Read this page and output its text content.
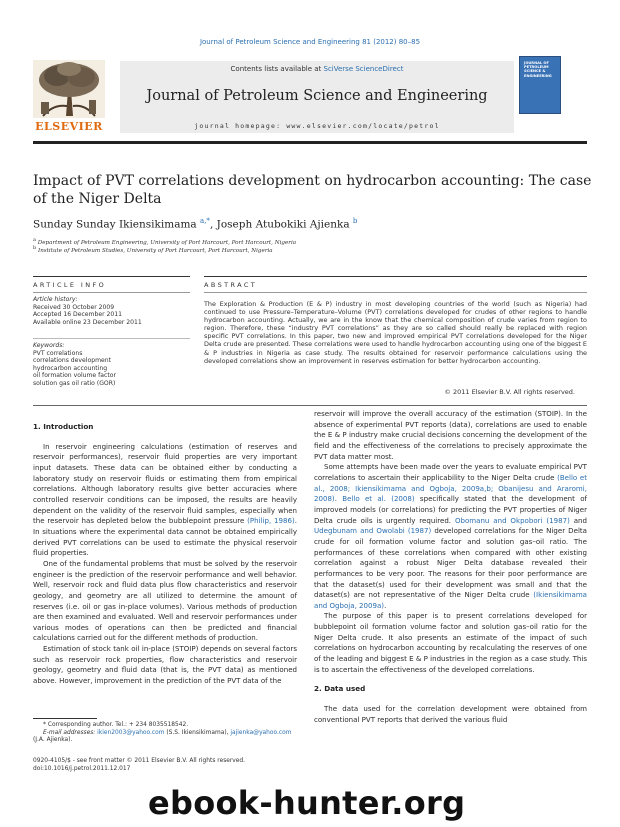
Journal of Petroleum Science and Engineering 81 (2012) 80–85
ELSEVIER
Contents lists available at SciVerse ScienceDirect
Journal of Petroleum Science and Engineering
journal homepage: www.elsevier.com/locate/petrol
JOURNAL OF PETROLEUM SCIENCE & ENGINEERING
Impact of PVT correlations development on hydrocarbon accounting: The case of the Niger Delta
Sunday Sunday Ikiensikimama $^{a,*}$, Joseph Atubokiki Ajienka $^b$
$^a$ Department of Petroleum Engineering, University of Port Harcourt, Port Harcourt, Nigeria
$^b$ Institute of Petroleum Studies, University of Port Harcourt, Port Harcourt, Nigeria
ARTICLE INFO	ABSTRACT
Article history:
Received 30 October 2009
Accepted 16 December 2011
Available online 23 December 2011
Keywords:
PVT correlations
correlations development
hydrocarbon accounting
oil formation volume factor
solution gas oil ratio (GOR)
The Exploration & Production (E & P) industry in most developing countries of the world (such as Nigeria) had continued to use Pressure–Temperature–Volume (PVT) correlations developed for crudes of other regions to handle hydrocarbon accounting. Actually, we are in the know that the chemical composition of crude varies from region to region. Therefore, these “industry PVT correlations” as they are so called should really be replaced with region specific PVT correlations. In this paper, two new and improved empirical PVT correlations developed for the Niger Delta crude are presented. These correlations were used to handle hydrocarbon accounting using one of the biggest E & P industries in Nigeria as case study. The results obtained for reservoir performance calculations using the developed correlations show an improvement in reserves estimation for better hydrocarbon accounting.
© 2011 Elsevier B.V. All rights reserved.
1. Introduction

In reservoir engineering calculations (estimation of reserves and reservoir performances), reservoir fluid properties are very important input datasets. These data can be obtained either by conducting a laboratory study on reservoir fluids or estimating them from empirical correlations. Although laboratory results give better accuracies where controlled reservoir conditions can be imposed, the results are heavily dependent on the validity of the reservoir fluid samples, especially when the reservoir has depleted below the bubblepoint pressure (Philip, 1986). In situations where the experimental data cannot be obtained empirically derived PVT correlations can be used to estimate the physical reservoir fluid properties.

One of the fundamental problems that must be solved by the reservoir engineer is the prediction of the reservoir performance and well behavior. Well, reservoir rock and fluid data plus flow characteristics and reservoir geology, and geometry are all utilized to determine the amount of reserves (i.e. oil or gas in-place volumes). Various methods of production are then examined and evaluated. Well and reservoir performances under various modes of operations can then be predicted and financial calculations carried out for the different methods of production.

Estimation of stock tank oil in-place (STOIP) depends on several factors such as reservoir rock properties, flow characteristics and reservoir geology, geometry and fluid data (that is, the PVT data) as mentioned above. However, improvement in the prediction of the PVT data of the

* Corresponding author. Tel.: + 234 8035518542.
E-mail addresses: ikien2003@yahoo.com (S.S. Ikiensikimama), jajienka@yahoo.com
(J.A. Ajienka).
0920-4105/$ - see front matter © 2011 Elsevier B.V. All rights reserved.
doi:10.1016/j.petrol.2011.12.017

reservoir will improve the overall accuracy of the estimation (STOIP). In the absence of experimental PVT reports (data), correlations are used to enable the E & P industry make crucial decisions concerning the development of the field and the effectiveness of the correlations to precisely approximate the PVT data matter most.

Some attempts have been made over the years to evaluate empirical PVT correlations to ascertain their applicability to the Niger Delta crude (Bello et al., 2008; Ikiensikimama and Ogboja, 2009a,b; Obanijesu and Araromi, 2008). Bello et al. (2008) specifically stated that the development of improved models (or correlations) for predicting the PVT properties of Niger Delta crude oils is urgently required. Obomanu and Okpobori (1987) and Udegbunam and Owolabi (1987) developed correlations for the Niger Delta crude for oil formation volume factor and solution gas–oil ratio. The performances of these correlations when compared with other existing correlation against a robust Niger Delta database revealed their performances to be very poor. The reasons for their poor performance are that the dataset(s) used for their development was small and that the dataset(s) are not representative of the Niger Delta crude (Ikiensikimama and Ogboja, 2009a).

The purpose of this paper is to present correlations developed for bubblepoint oil formation volume factor and solution gas–oil ratio for the Niger Delta crude. It also presents an estimate of the impact of such correlations on hydrocarbon accounting by recalculating the reserves of one of the leading and biggest E & P industries in the region as a case study. This is to ascertain the effectiveness of the developed correlations.

2. Data used

The data used for the correlation development were obtained from conventional PVT reports that derived the various fluid

ebook-hunter.org
